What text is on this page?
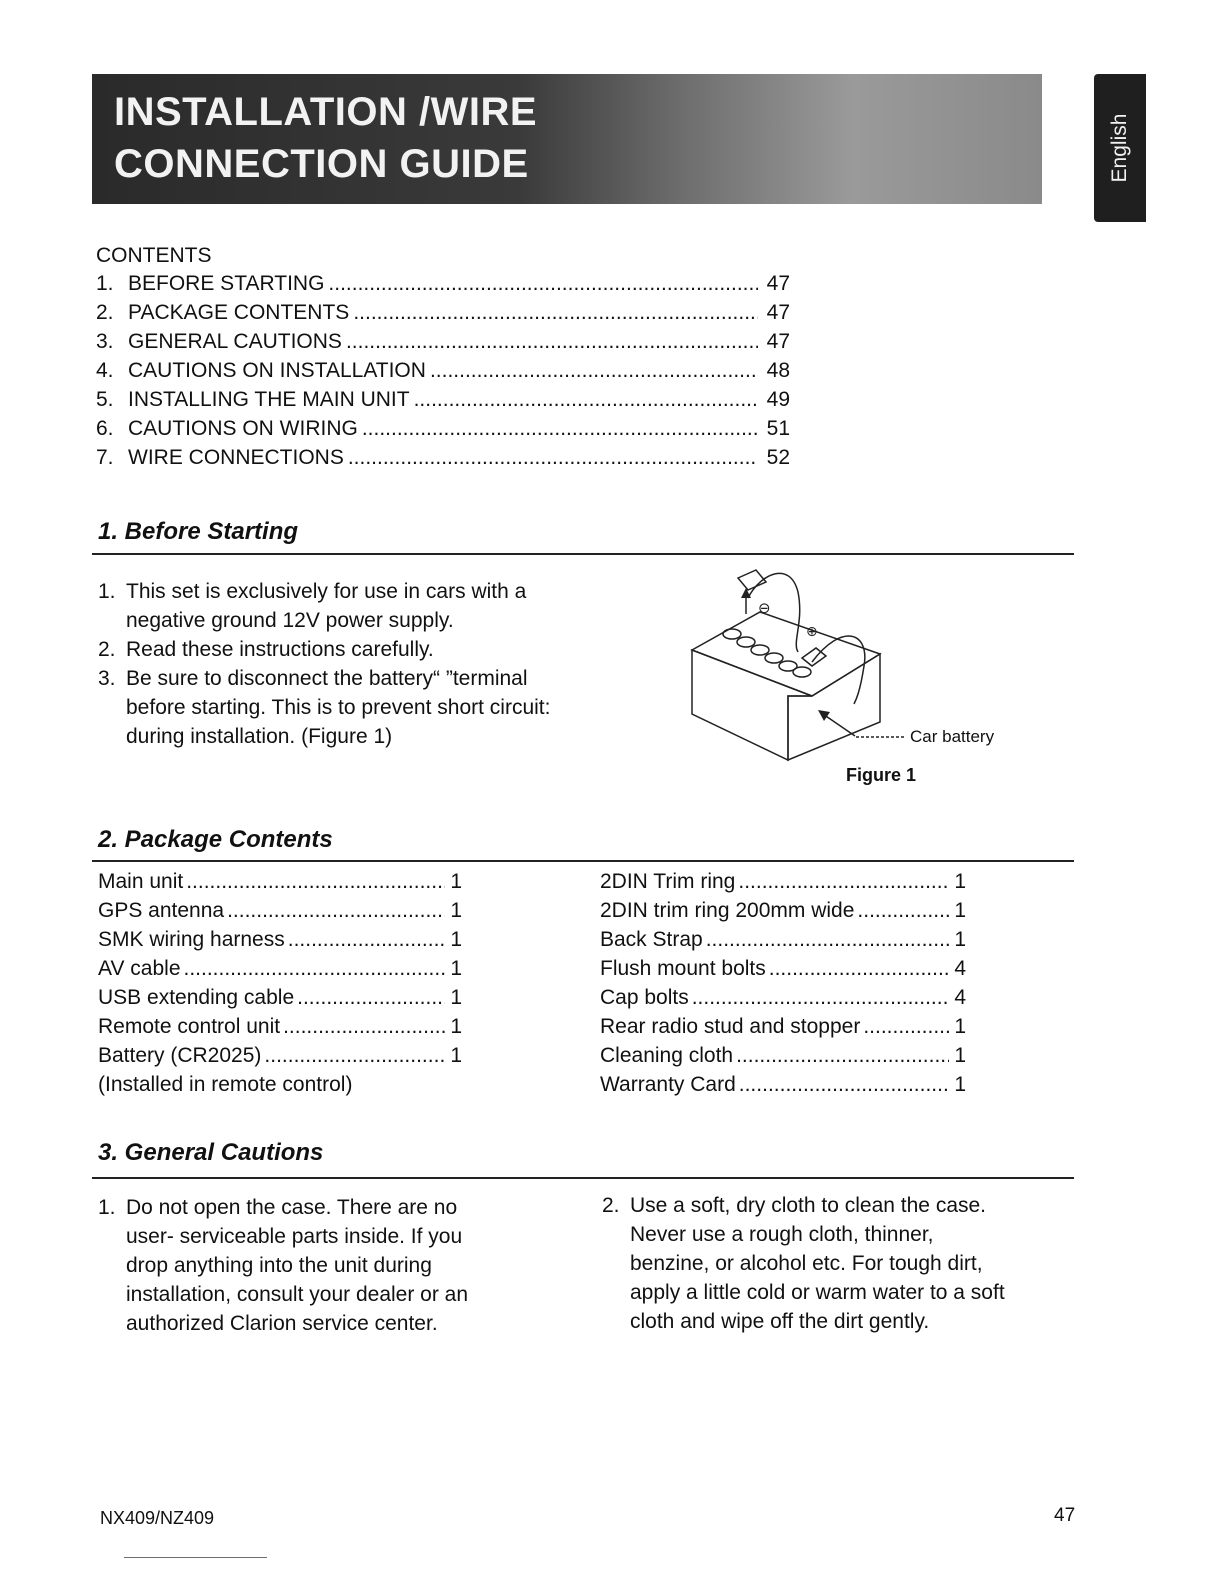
INSTALLATION /WIRE
CONNECTION GUIDE	English
CONTENTS
1. BEFORE STARTING .....	47
2. PACKAGE CONTENTS .....	47
3. GENERAL CAUTIONS .....	47
4. CAUTIONS ON INSTALLATION .....	48
5. INSTALLING THE MAIN UNIT .....	49
6. CAUTIONS ON WIRING .....	51
7. WIRE CONNECTIONS .....	52
1. Before Starting
1. This set is exclusively for use in cars with a
negative ground 12V power supply.
2. Read these instructions carefully.
3. Be sure to disconnect the battery“ ”terminal
before starting. This is to prevent short circuit:
during installation. (Figure 1)
⊖
⊕
Car battery
Figure 1
2. Package Contents
Main unit .....	1
GPS antenna .....	1
SMK wiring harness .....	1
AV cable .....	1
USB extending cable .....	1
Remote control unit .....	1
Battery (CR2025) .....	1
(Installed in remote control)
2DIN Trim ring .....	1
2DIN trim ring 200mm wide .....	1
Back Strap .....	1
Flush mount bolts .....	4
Cap bolts .....	4
Rear radio stud and stopper .....	1
Cleaning cloth .....	1
Warranty Card .....	1
3. General Cautions
1. Do not open the case. There are no
user- serviceable parts inside. If you
drop anything into the unit during
installation, consult your dealer or an
authorized Clarion service center.
2. Use a soft, dry cloth to clean the case.
Never use a rough cloth, thinner,
benzine, or alcohol etc. For tough dirt,
apply a little cold or warm water to a soft
cloth and wipe off the dirt gently.
NX409/NZ409	47
